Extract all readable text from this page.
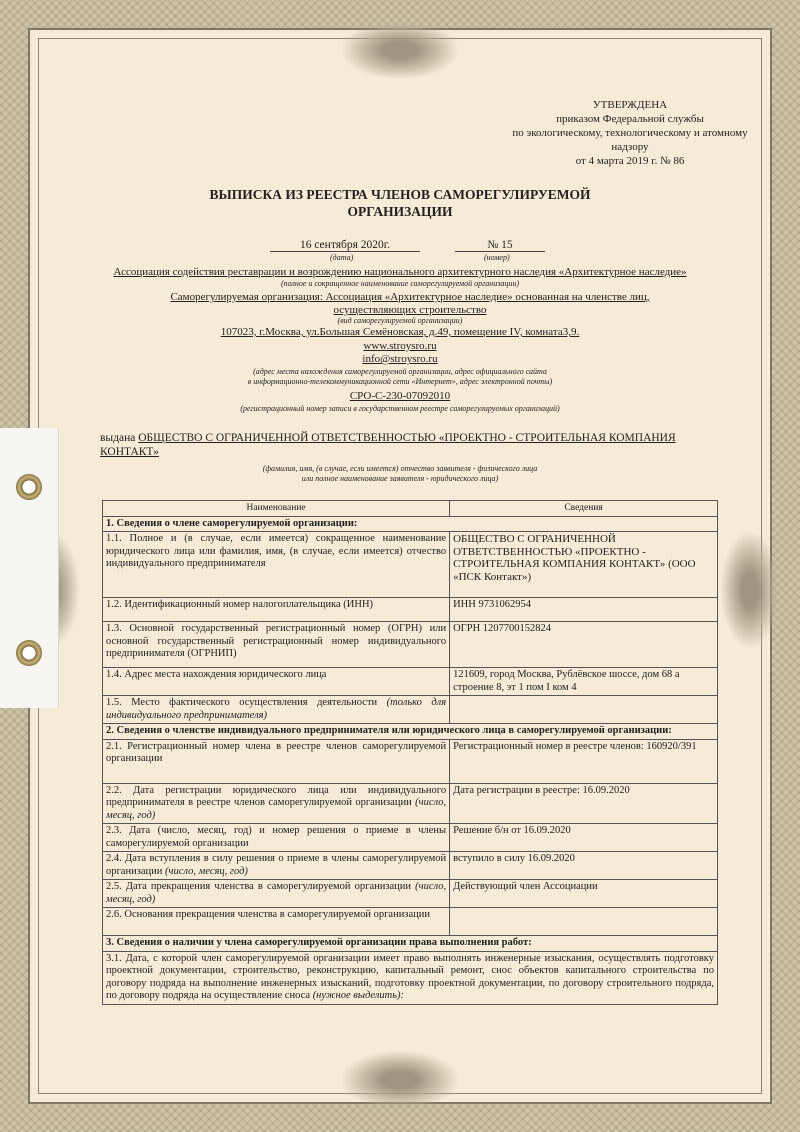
УТВЕРЖДЕНА
приказом Федеральной службы
по экологическому, технологическому и атомному
надзору
от 4 марта 2019 г. № 86
ВЫПИСКА ИЗ РЕЕСТРА ЧЛЕНОВ САМОРЕГУЛИРУЕМОЙ ОРГАНИЗАЦИИ
16 сентября 2020г.	№ 15
(дата)	(номер)
Ассоциация содействия реставрации и возрождению национального архитектурного наследия «Архитектурное наследие»
(полное и сокращенное наименование саморегулируемой организации)
Саморегулируемая организация: Ассоциация «Архитектурное наследие» основанная на членстве лиц, осуществляющих строительство
(вид саморегулируемой организации)
107023, г.Москва, ул.Большая Семёновская, д.49, помещение IV, комната3,9.
www.stroysro.ru
info@stroysro.ru
(адрес места нахождения саморегулируемой организации, адрес официального сайта
в информационно-телекоммуникационной сети «Интернет», адрес электронной почты)
СРО-С-230-07092010
(регистрационный номер записи в государственном реестре саморегулируемых организаций)
выдана ОБЩЕСТВО С ОГРАНИЧЕННОЙ ОТВЕТСТВЕННОСТЬЮ «ПРОЕКТНО - СТРОИТЕЛЬНАЯ КОМПАНИЯ КОНТАКТ»
(фамилия, имя, (в случае, если имеется) отчество заявителя - физического лица
или полное наименование заявителя - юридического лица)
Наименование	Сведения
1. Сведения о члене саморегулируемой организации:	
1.1. Полное и (в случае, если имеется) сокращенное наименование юридического лица или фамилия, имя, (в случае, если имеется) отчество индивидуального предпринимателя	ОБЩЕСТВО С ОГРАНИЧЕННОЙ ОТВЕТСТВЕННОСТЬЮ «ПРОЕКТНО - СТРОИТЕЛЬНАЯ КОМПАНИЯ КОНТАКТ» (ООО «ПСК Контакт»)
1.2. Идентификационный номер налогоплательщика (ИНН)	ИНН 9731062954
1.3. Основной государственный регистрационный номер (ОГРН) или основной государственный регистрационный номер индивидуального предпринимателя (ОГРНИП)	ОГРН 1207700152824
1.4. Адрес места нахождения юридического лица	121609, город Москва, Рублёвское шоссе, дом 68 а строение 8, эт 1 пом I ком 4
1.5. Место фактического осуществления деятельности (только для индивидуального предпринимателя)	
2. Сведения о членстве индивидуального предпринимателя или юридического лица в саморегулируемой организации:	
2.1. Регистрационный номер члена в реестре членов саморегулируемой организации	Регистрационный номер в реестре членов: 160920/391
2.2. Дата регистрации юридического лица или индивидуального предпринимателя в реестре членов саморегулируемой организации (число, месяц, год)	Дата регистрации в реестре: 16.09.2020
2.3. Дата (число, месяц, год) и номер решения о приеме в члены саморегулируемой организации	Решение б/н от 16.09.2020
2.4. Дата вступления в силу решения о приеме в члены саморегулируемой организации (число, месяц, год)	вступило в силу 16.09.2020
2.5. Дата прекращения членства в саморегулируемой организации (число, месяц, год)	Действующий член Ассоциации
2.6. Основания прекращения членства в саморегулируемой организации	
3. Сведения о наличии у члена саморегулируемой организации права выполнения работ:	
3.1. Дата, с которой член саморегулируемой организации имеет право выполнять инженерные изыскания, осуществлять подготовку проектной документации, строительство, реконструкцию, капитальный ремонт, снос объектов капитального строительства по договору подряда на выполнение инженерных изысканий, подготовку проектной документации, по договору строительного подряда, по договору подряда на осуществление сноса (нужное выделить):	
